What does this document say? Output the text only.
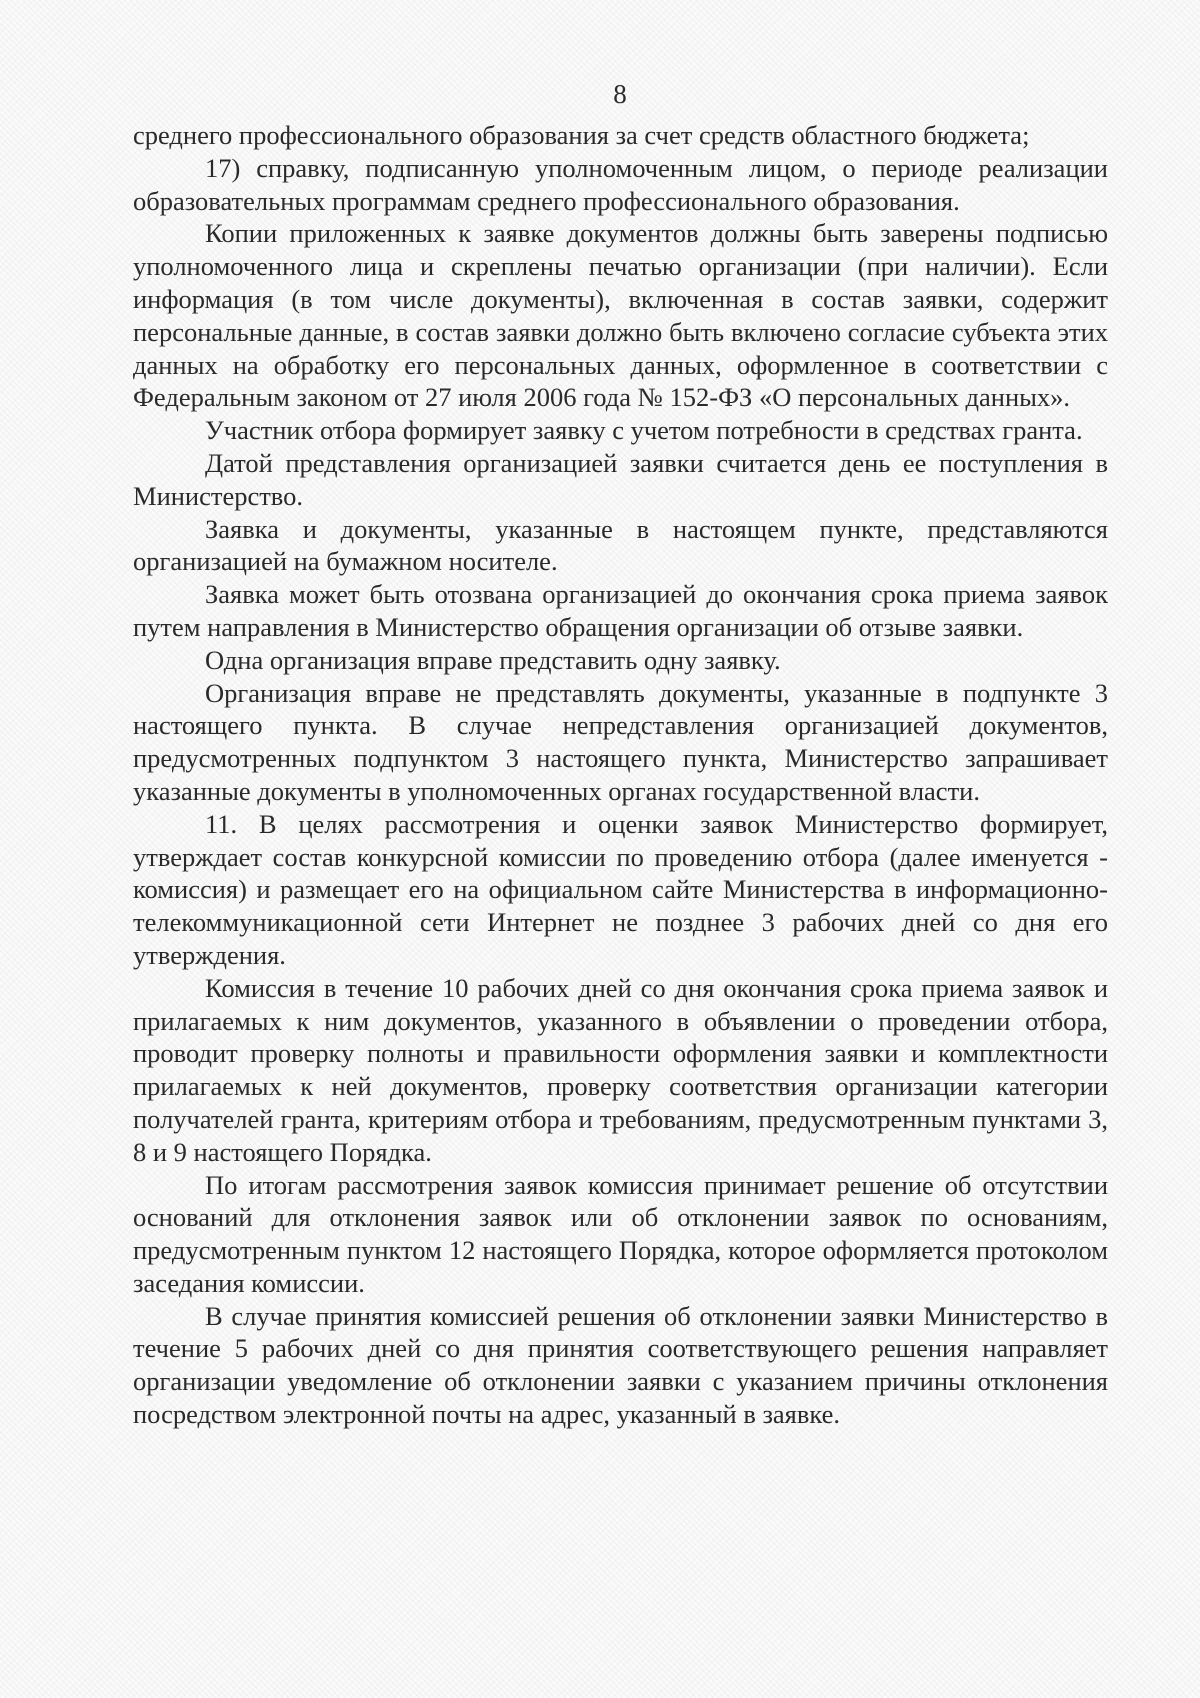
8

среднего профессионального образования за счет средств областного бюджета;

17) справку, подписанную уполномоченным лицом, о периоде реализации образовательных программам среднего профессионального образования.

Копии приложенных к заявке документов должны быть заверены подписью уполномоченного лица и скреплены печатью организации (при наличии). Если информация (в том числе документы), включенная в состав заявки, содержит персональные данные, в состав заявки должно быть включено согласие субъекта этих данных на обработку его персональных данных, оформленное в соответствии с Федеральным законом от 27 июля 2006 года № 152-ФЗ «О персональных данных».

Участник отбора формирует заявку с учетом потребности в средствах гранта.

Датой представления организацией заявки считается день ее поступления в Министерство.

Заявка и документы, указанные в настоящем пункте, представляются организацией на бумажном носителе.

Заявка может быть отозвана организацией до окончания срока приема заявок путем направления в Министерство обращения организации об отзыве заявки.

Одна организация вправе представить одну заявку.

Организация вправе не представлять документы, указанные в подпункте 3 настоящего пункта. В случае непредставления организацией документов, предусмотренных подпунктом 3 настоящего пункта, Министерство запрашивает указанные документы в уполномоченных органах государственной власти.

11. В целях рассмотрения и оценки заявок Министерство формирует, утверждает состав конкурсной комиссии по проведению отбора (далее именуется - комиссия) и размещает его на официальном сайте Министерства в информационно-телекоммуникационной сети Интернет не позднее 3 рабочих дней со дня его утверждения.

Комиссия в течение 10 рабочих дней со дня окончания срока приема заявок и прилагаемых к ним документов, указанного в объявлении о проведении отбора, проводит проверку полноты и правильности оформления заявки и комплектности прилагаемых к ней документов, проверку соответствия организации категории получателей гранта, критериям отбора и требованиям, предусмотренным пунктами 3, 8 и 9 настоящего Порядка.

По итогам рассмотрения заявок комиссия принимает решение об отсутствии оснований для отклонения заявок или об отклонении заявок по основаниям, предусмотренным пунктом 12 настоящего Порядка, которое оформляется протоколом заседания комиссии.

В случае принятия комиссией решения об отклонении заявки Министерство в течение 5 рабочих дней со дня принятия соответствующего решения направляет организации уведомление об отклонении заявки с указанием причины отклонения посредством электронной почты на адрес, указанный в заявке.
